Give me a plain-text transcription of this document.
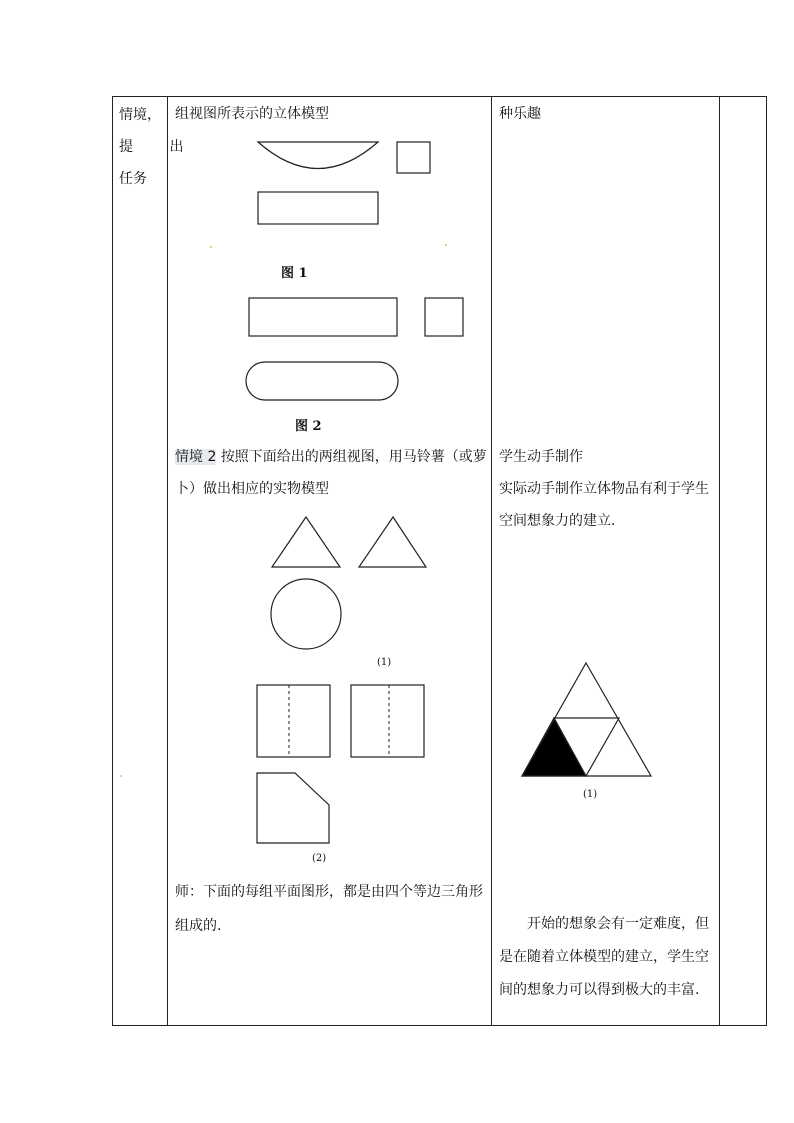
情境，
提 出
任务
组视图所表示的立体模型
图 1
图 2
情境 2 按照下面给出的两组视图，用马铃薯（或萝
卜）做出相应的实物模型
(1)
(2)
师：下面的每组平面图形，都是由四个等边三角形
组成的.
种乐趣
学生动手制作
实际动手制作立体物品有利于学生
空间想象力的建立.
(1)
开始的想象会有一定难度，但
是在随着立体模型的建立，学生空
间的想象力可以得到极大的丰富.
